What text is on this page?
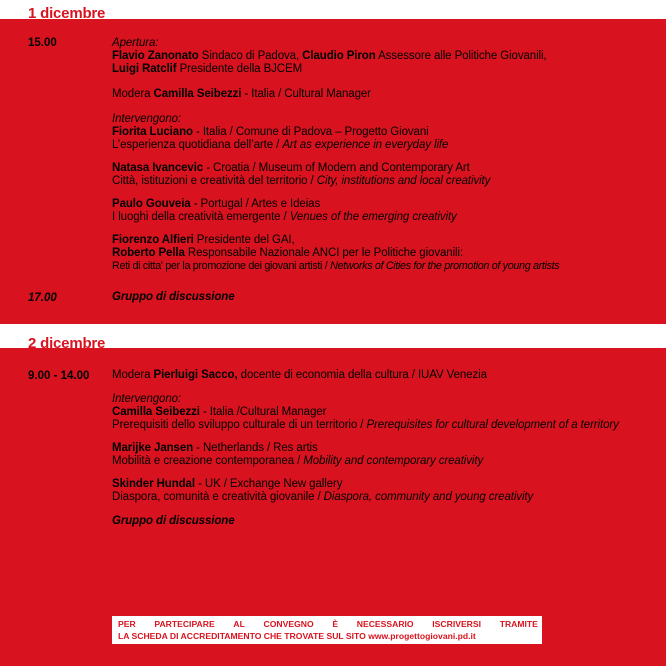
1 dicembre
2 dicembre
15.00	Apertura:
Flavio Zanonato Sindaco di Padova, Claudio Piron Assessore alle Politiche Giovanili,
Luigi Ratclif Presidente della BJCEM
Modera Camilla Seibezzi - Italia / Cultural Manager
Intervengono:
Fiorita Luciano - Italia / Comune di Padova – Progetto Giovani
L’esperienza quotidiana dell’arte / Art as experience in everyday life
Natasa Ivancevic - Croatia / Museum of Modern and Contemporary Art
Città, istituzioni e creatività del territorio / City, institutions and local creativity
Paulo Gouveia - Portugal / Artes e Ideias
I luoghi della creatività emergente / Venues of the emerging creativity
Fiorenzo Alfieri Presidente del GAI,
Roberto Pella Responsabile Nazionale ANCI per le Politiche giovanili:
Reti di citta' per la promozione dei giovani artisti / Networks of Cities for the promotion of young artists
17.00	Gruppo di discussione
9.00 - 14.00 Modera Pierluigi Sacco, docente di economia della cultura / IUAV Venezia
Intervengono:
Camilla Seibezzi - Italia /Cultural Manager
Prerequisiti dello sviluppo culturale di un territorio / Prerequisites for cultural development of a territory
Marijke Jansen - Netherlands / Res artis
Mobilità e creazione contemporanea / Mobility and contemporary creativity
Skinder Hundal - UK / Exchange New gallery
Diaspora, comunità e creatività giovanile / Diaspora, community and young creativity
Gruppo di discussione
PER PARTECIPARE AL CONVEGNO È NECESSARIO ISCRIVERSI TRAMITE
LA SCHEDA DI ACCREDITAMENTO CHE TROVATE SUL SITO www.progettogiovani.pd.it
